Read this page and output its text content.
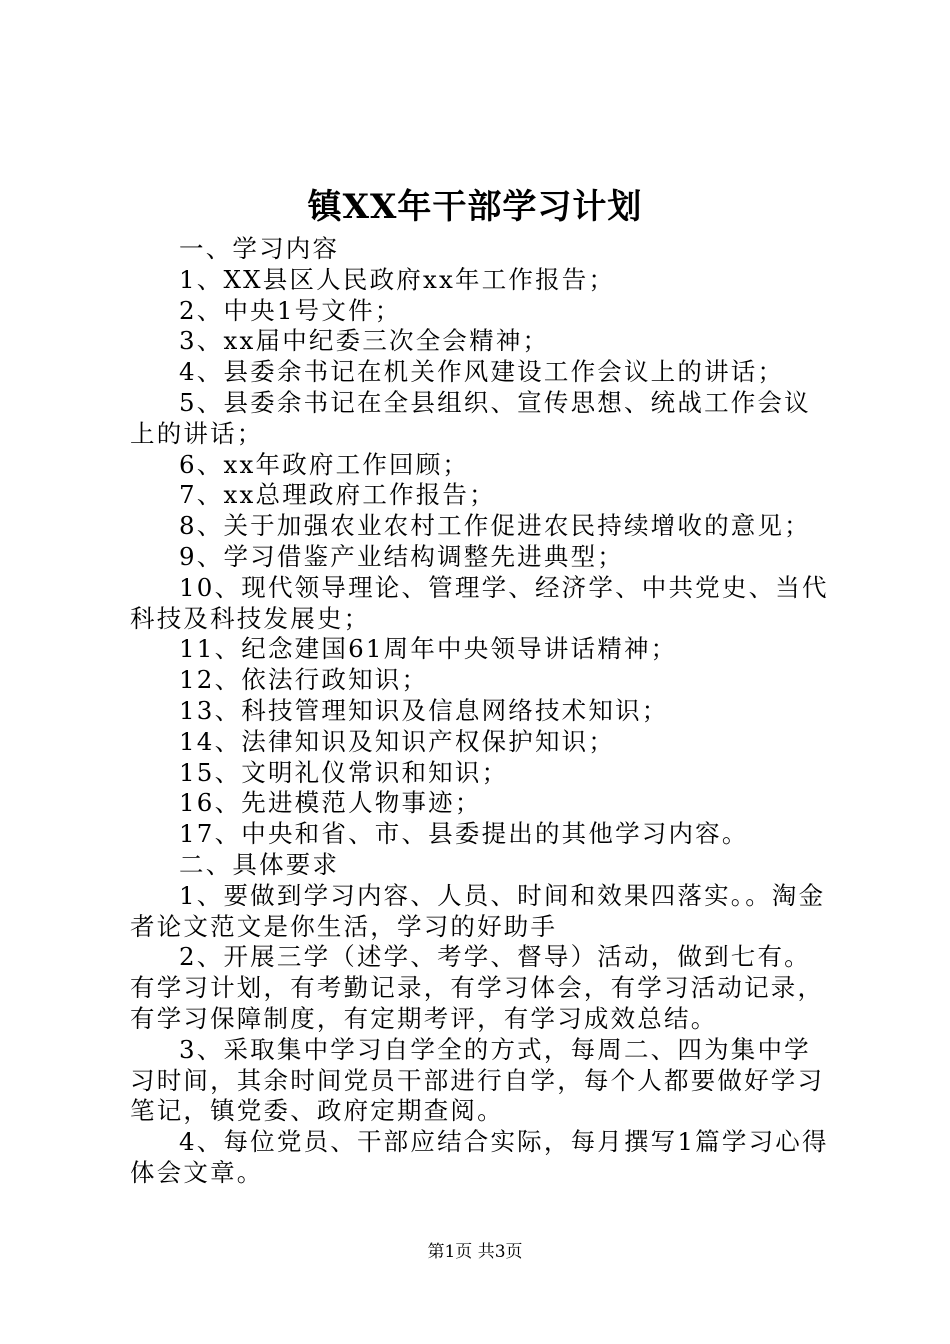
镇XX年干部学习计划

一、学习内容

1、XX县区人民政府xx年工作报告；

2、中央1号文件；

3、xx届中纪委三次全会精神；

4、县委余书记在机关作风建设工作会议上的讲话；

5、县委余书记在全县组织、宣传思想、统战工作会议上的讲话；

6、xx年政府工作回顾；

7、xx总理政府工作报告；

8、关于加强农业农村工作促进农民持续增收的意见；

9、学习借鉴产业结构调整先进典型；

10、现代领导理论、管理学、经济学、中共党史、当代科技及科技发展史；

11、纪念建国61周年中央领导讲话精神；

12、依法行政知识；

13、科技管理知识及信息网络技术知识；

14、法律知识及知识产权保护知识；

15、文明礼仪常识和知识；

16、先进模范人物事迹；

17、中央和省、市、县委提出的其他学习内容。

二、具体要求

1、要做到学习内容、人员、时间和效果四落实。。淘金者论文范文是你生活，学习的好助手

2、开展三学（述学、考学、督导）活动，做到七有。有学习计划，有考勤记录，有学习体会，有学习活动记录，有学习保障制度，有定期考评，有学习成效总结。

3、采取集中学习自学全的方式，每周二、四为集中学习时间，其余时间党员干部进行自学，每个人都要做好学习笔记，镇党委、政府定期查阅。

4、每位党员、干部应结合实际，每月撰写1篇学习心得体会文章。

第1页 共3页
